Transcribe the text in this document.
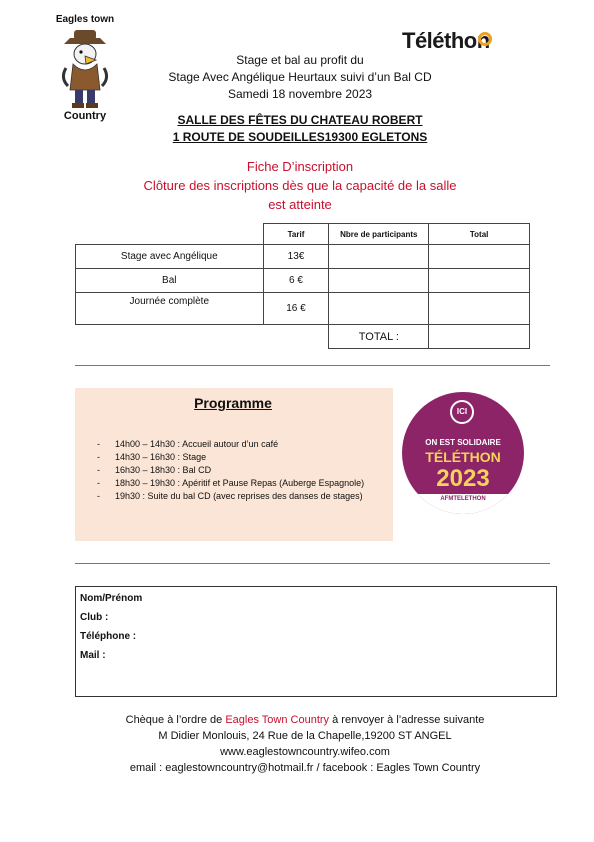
Eagles town
Country
Téléthon
Stage et bal au profit du
Stage Avec Angélique Heurtaux suivi d’un Bal CD
Samedi 18 novembre 2023
SALLE DES FÊTES DU CHATEAU ROBERT
1 ROUTE DE SOUDEILLES19300 EGLETONS
Fiche D’inscription
Clôture des inscriptions dès que la capacité de la salle
est atteinte
	Tarif	Nbre de participants	Total
Stage avec Angélique	13€		
Bal	6 €		
Journée complète	16 €		
		TOTAL :	
Programme
- 14h00 – 14h30 : Accueil autour d’un café
- 14h30 – 16h30 : Stage
- 16h30 – 18h30 : Bal CD
- 18h30 – 19h30 : Apéritif et Pause Repas (Auberge Espagnole)
- 19h30 : Suite du bal CD (avec reprises des danses de stages)
ICI
ON EST SOLIDAIRE
TÉLÉTHON
2023
AFMTELETHON
Nom/Prénom
Club :
Téléphone :
Mail :
Chèque à l’ordre de Eagles Town Country à renvoyer à l’adresse suivante
M Didier Monlouis, 24 Rue de la Chapelle,19200 ST ANGEL
www.eaglestowncountry.wifeo.com
email : eaglestowncountry@hotmail.fr / facebook : Eagles Town Country
